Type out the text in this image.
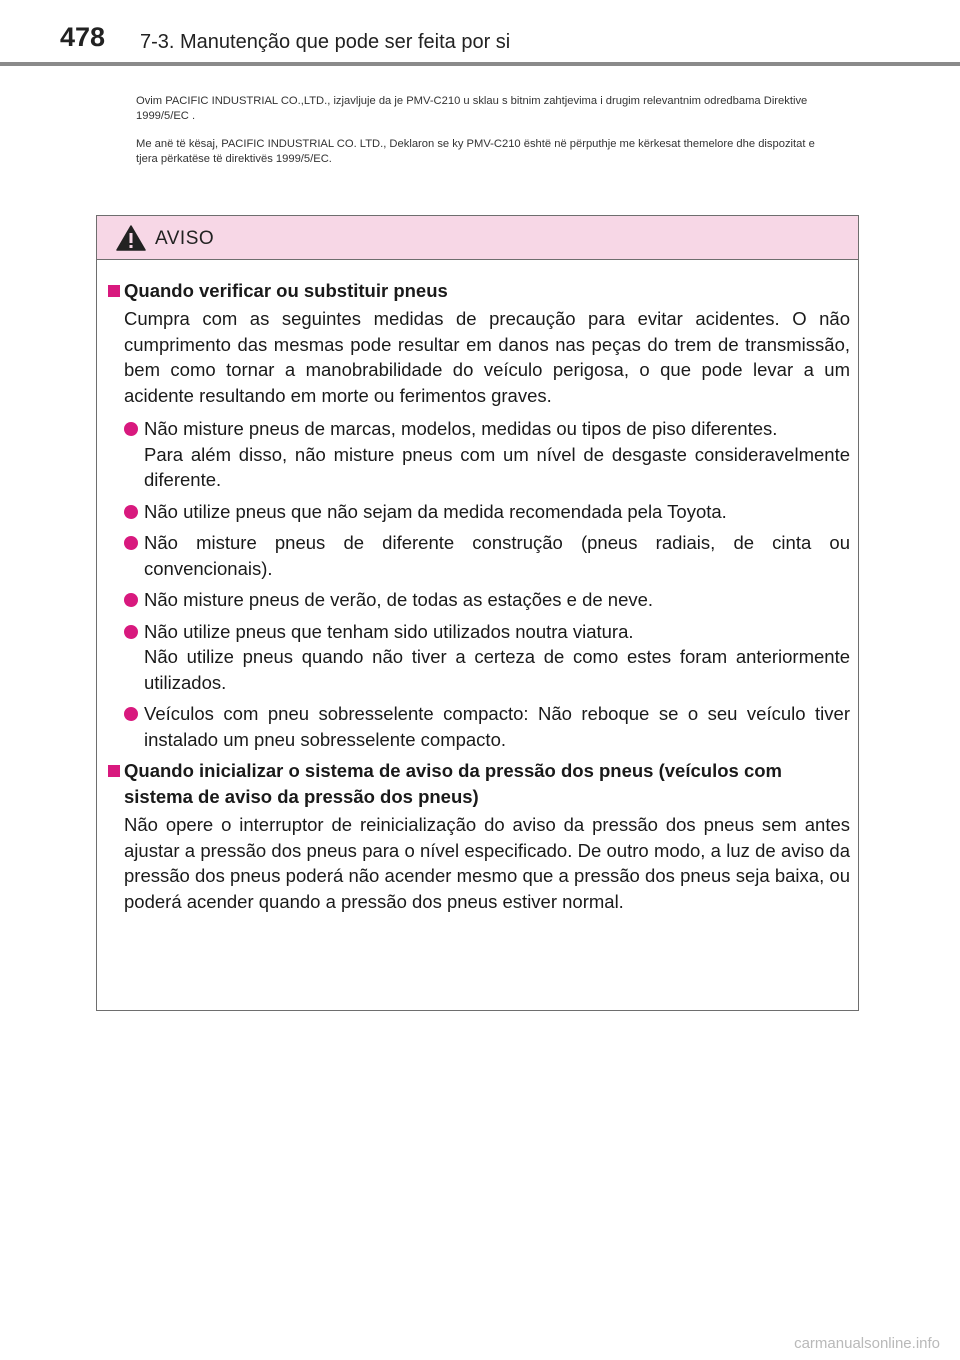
478 7-3. Manutenção que pode ser feita por si
Ovim PACIFIC INDUSTRIAL CO.,LTD., izjavljuje da je PMV-C210 u sklau s bitnim zahtjevima i drugim relevantnim odredbama Direktive 1999/5/EC .
Me anë të kësaj, PACIFIC INDUSTRIAL CO. LTD., Deklaron se ky PMV-C210 është në përputhje me kërkesat themelore dhe dispozitat e tjera përkatëse të direktivës 1999/5/EC.
AVISO
Quando verificar ou substituir pneus

Cumpra com as seguintes medidas de precaução para evitar acidentes. O não cumprimento das mesmas pode resultar em danos nas peças do trem de transmissão, bem como tornar a manobrabilidade do veículo perigosa, o que pode levar a um acidente resultando em morte ou ferimentos graves.

Não misture pneus de marcas, modelos, medidas ou tipos de piso diferentes.
Para além disso, não misture pneus com um nível de desgaste consideravelmente diferente.
Não utilize pneus que não sejam da medida recomendada pela Toyota.
Não misture pneus de diferente construção (pneus radiais, de cinta ou convencionais).
Não misture pneus de verão, de todas as estações e de neve.
Não utilize pneus que tenham sido utilizados noutra viatura.
Não utilize pneus quando não tiver a certeza de como estes foram anteriormente utilizados.
Veículos com pneu sobresselente compacto: Não reboque se o seu veículo tiver instalado um pneu sobresselente compacto.
Quando inicializar o sistema de aviso da pressão dos pneus (veículos com sistema de aviso da pressão dos pneus)

Não opere o interruptor de reinicialização do aviso da pressão dos pneus sem antes ajustar a pressão dos pneus para o nível especificado. De outro modo, a luz de aviso da pressão dos pneus poderá não acender mesmo que a pressão dos pneus seja baixa, ou poderá acender quando a pressão dos pneus estiver normal.

carmanualsonline.info
